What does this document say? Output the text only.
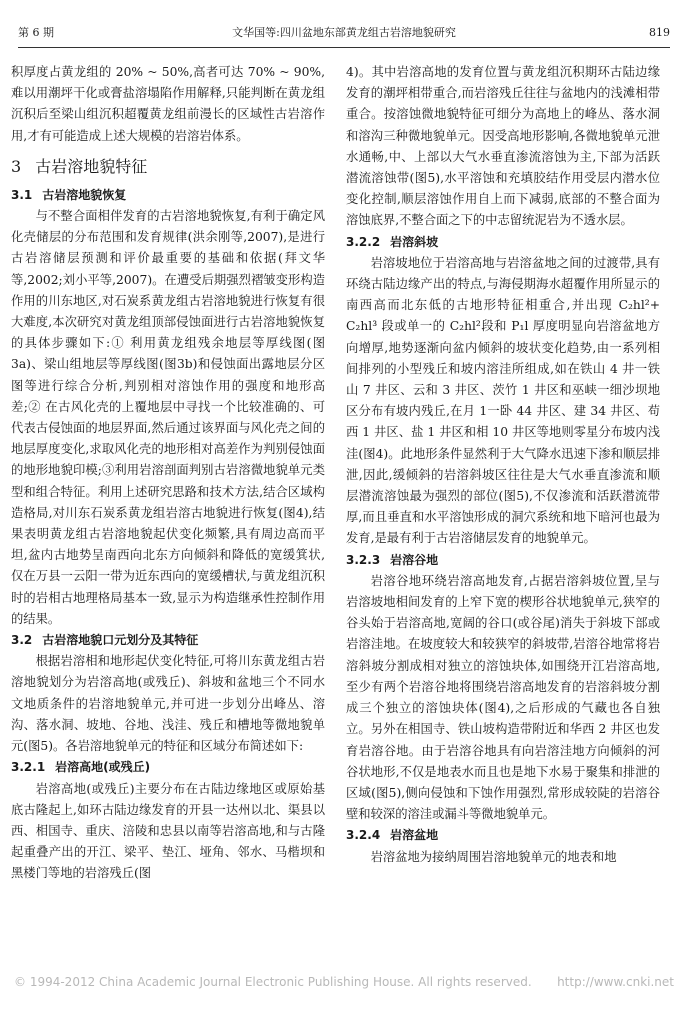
第 6 期	文华国等:四川盆地东部黄龙组古岩溶地貌研究	819

积厚度占黄龙组的 20% ~ 50%,高者可达 70% ~ 90%,难以用潮坪干化或膏盐溶塌陷作用解释,只能判断在黄龙组沉积后至梁山组沉积超覆黄龙组前漫长的区域性古岩溶作用,才有可能造成上述大规模的岩溶岩体系。

3 古岩溶地貌特征
3.1 古岩溶地貌恢复

与不整合面相伴发育的古岩溶地貌恢复,有利于确定风化壳储层的分布范围和发育规律(洪余刚等,2007),是进行古岩溶储层预测和评价最重要的基础和依据(拜文华等,2002;刘小平等,2007)。在遭受后期强烈褶皱变形构造作用的川东地区,对石炭系黄龙组古岩溶地貌进行恢复有很大难度,本次研究对黄龙组顶部侵蚀面进行古岩溶地貌恢复的具体步骤如下:① 利用黄龙组残余地层等厚线图(图3a)、梁山组地层等厚线图(图3b)和侵蚀面出露地层分区图等进行综合分析,判别相对溶蚀作用的强度和地形高差;② 在古风化壳的上覆地层中寻找一个比较准确的、可代表古侵蚀面的地层界面,然后通过该界面与风化壳之间的地层厚度变化,求取风化壳的地形相对高差作为判别侵蚀面的地形地貌印模;③利用岩溶剖面判别古岩溶微地貌单元类型和组合特征。利用上述研究思路和技术方法,结合区域构造格局,对川东石炭系黄龙组岩溶古地貌进行恢复(图4),结果表明黄龙组古岩溶地貌起伏变化频繁,具有周边高而平坦,盆内古地势呈南西向北东方向倾斜和降低的宽缓箕状,仅在万县一云阳一带为近东西向的宽缓槽状,与黄龙组沉积时的岩相古地理格局基本一致,显示为构造继承性控制作用的结果。

3.2 古岩溶地貌口元划分及其特征

根据岩溶相和地形起伏变化特征,可将川东黄龙组古岩溶地貌划分为岩溶高地(或残丘)、斜坡和盆地三个不同水文地质条件的岩溶地貌单元,并可进一步划分出峰丛、溶沟、落水洞、坡地、谷地、浅洼、残丘和槽地等微地貌单元(图5)。各岩溶地貌单元的特征和区域分布简述如下:

3.2.1 岩溶高地(或残丘)

岩溶高地(或残丘)主要分布在古陆边缘地区或原始基底古隆起上,如环古陆边缘发育的开县一达州以北、渠县以西、相国寺、重庆、涪陵和忠县以南等岩溶高地,和与古隆起重叠产出的开江、梁平、垫江、垭角、邻水、马楷坝和黑楼门等地的岩溶残丘(图

4)。其中岩溶高地的发育位置与黄龙组沉积期环古陆边缘发育的潮坪相带重合,而岩溶残丘往往与盆地内的浅滩相带重合。按溶蚀微地貌特征可细分为高地上的峰丛、落水洞和溶沟三种微地貌单元。因受高地形影响,各微地貌单元泄水通畅,中、上部以大气水垂直渗流溶蚀为主,下部为活跃潜流溶蚀带(图5),水平溶蚀和充填胶结作用受层内潜水位变化控制,顺层溶蚀作用自上而下减弱,底部的不整合面为溶蚀底界,不整合面之下的中志留统泥岩为不透水层。

3.2.2 岩溶斜坡

岩溶坡地位于岩溶高地与岩溶盆地之间的过渡带,具有环绕古陆边缘产出的特点,与海侵期海水超覆作用所显示的南西高而北东低的古地形特征相重合,并出现 C₂hl²+ C₂hl³ 段或单一的 C₂hl²段和 P₁l 厚度明显向岩溶盆地方向增厚,地势逐渐向盆内倾斜的坡状变化趋势,由一系列相间排列的小型残丘和坡内溶洼所组成,如在铁山 4 井一铁山 7 井区、云和 3 井区、茨竹 1 井区和巫峡一细沙坝地区分布有坡内残丘,在月 1一卧 44 井区、建 34 井区、苟西 1 井区、盐 1 井区和相 10 井区等地则零星分布坡内浅洼(图4)。此地形条件显然利于大气降水迅速下渗和顺层排泄,因此,缓倾斜的岩溶斜坡区往往是大气水垂直渗流和顺层潜流溶蚀最为强烈的部位(图5),不仅渗流和活跃潜流带厚,而且垂直和水平溶蚀形成的洞穴系统和地下暗河也最为发育,是最有利于古岩溶储层发育的地貌单元。

3.2.3 岩溶谷地

岩溶谷地环绕岩溶高地发育,占据岩溶斜坡位置,呈与岩溶坡地相间发育的上窄下宽的楔形谷状地貌单元,狭窄的谷头始于岩溶高地,宽阔的谷口(或谷尾)消失于斜坡下部或岩溶洼地。在坡度较大和较狭窄的斜坡带,岩溶谷地常将岩溶斜坡分割成相对独立的溶蚀块体,如围绕开江岩溶高地,至少有两个岩溶谷地将围绕岩溶高地发育的岩溶斜坡分割成三个独立的溶蚀块体(图4),之后形成的气藏也各自独立。另外在相国寺、铁山坡构造带附近和华西 2 井区也发育岩溶谷地。由于岩溶谷地具有向岩溶洼地方向倾斜的河谷状地形,不仅是地表水而且也是地下水易于聚集和排泄的区域(图5),侧向侵蚀和下蚀作用强烈,常形成较陡的岩溶谷壁和较深的溶洼或漏斗等微地貌单元。

3.2.4 岩溶盆地

岩溶盆地为接纳周围岩溶地貌单元的地表和地

© 1994-2012 China Academic Journal Electronic Publishing House. All rights reserved. http://www.cnki.net
